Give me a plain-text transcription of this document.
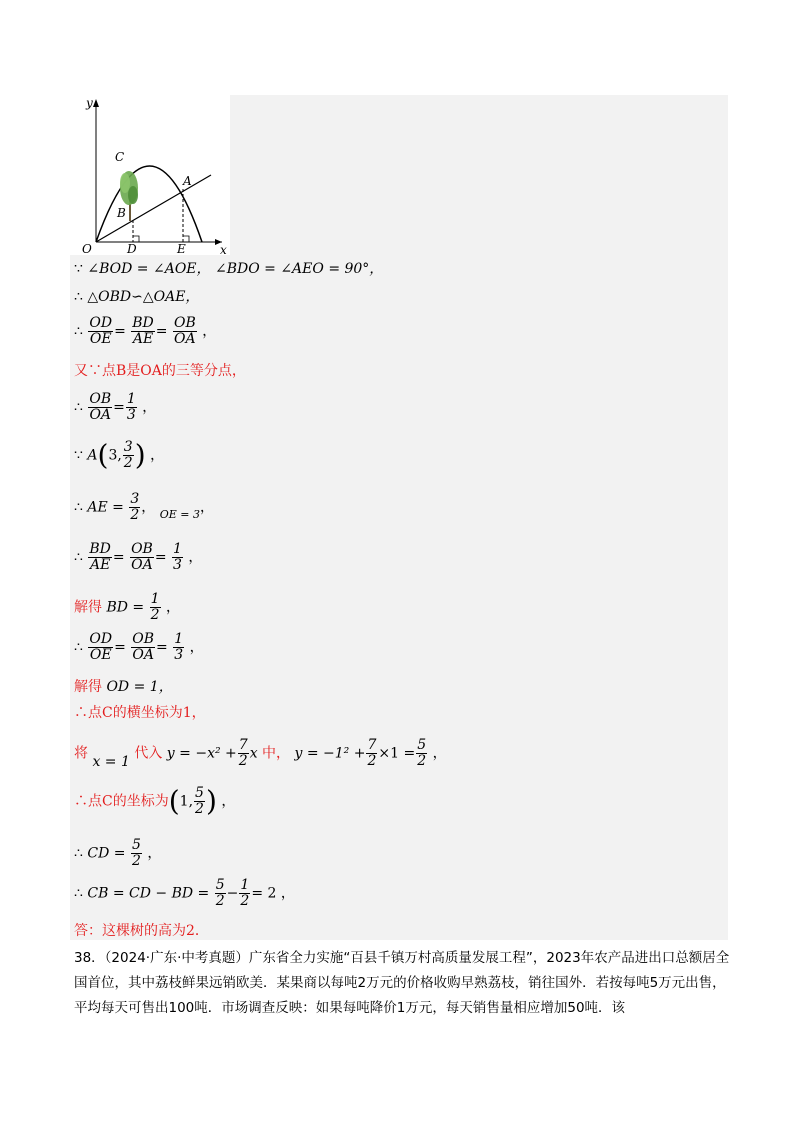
y
x
O
C
B
A
D	E
∵ ∠BOD = ∠AOE， ∠BDO = ∠AEO = 90°，
∴ △OBD∽△OAE，
∴ $\frac{OD}{OE} = \frac{BD}{AE} = \frac{OB}{OA}$ ，
又∵点B是OA的三等分点，
∴ $\frac{OB}{OA} = \frac{1}{3}$ ，
∵ A(3, $\frac{3}{2}$ ) ，
∴ AE = $\frac{3}{2}$ ， $_{OE = 3}$，
∴ $\frac{BD}{AE} = \frac{OB}{OA} = \frac{1}{3}$ ，
解得 BD = $\frac{1}{2}$ ，
∴ $\frac{OD}{OE} = \frac{OB}{OA} = \frac{1}{3}$ ，
解得 OD = 1，
∴点C的横坐标为1，
将 x = 1 代入 $y = -x^2 + \frac{7}{2}$ x 中， $y = -1^2 + \frac{7}{2} \times 1 = \frac{5}{2}$ ，
∴点C的坐标为(1, $\frac{5}{2}$ ) ，
∴ CD = $\frac{5}{2}$ ，
∴ CB = CD − BD = $\frac{5}{2} - \frac{1}{2} = 2$ ，
答：这棵树的高为2．
38．（2024·广东·中考真题）广东省全力实施“百县千镇万村高质量发展工程”，2023年农产品进出口总额居全国首位，其中荔枝鲜果远销欧美．某果商以每吨2万元的价格收购早熟荔枝，销往国外．若按每吨5万元出售，平均每天可售出100吨．市场调查反映：如果每吨降价1万元，每天销售量相应增加50吨．该
